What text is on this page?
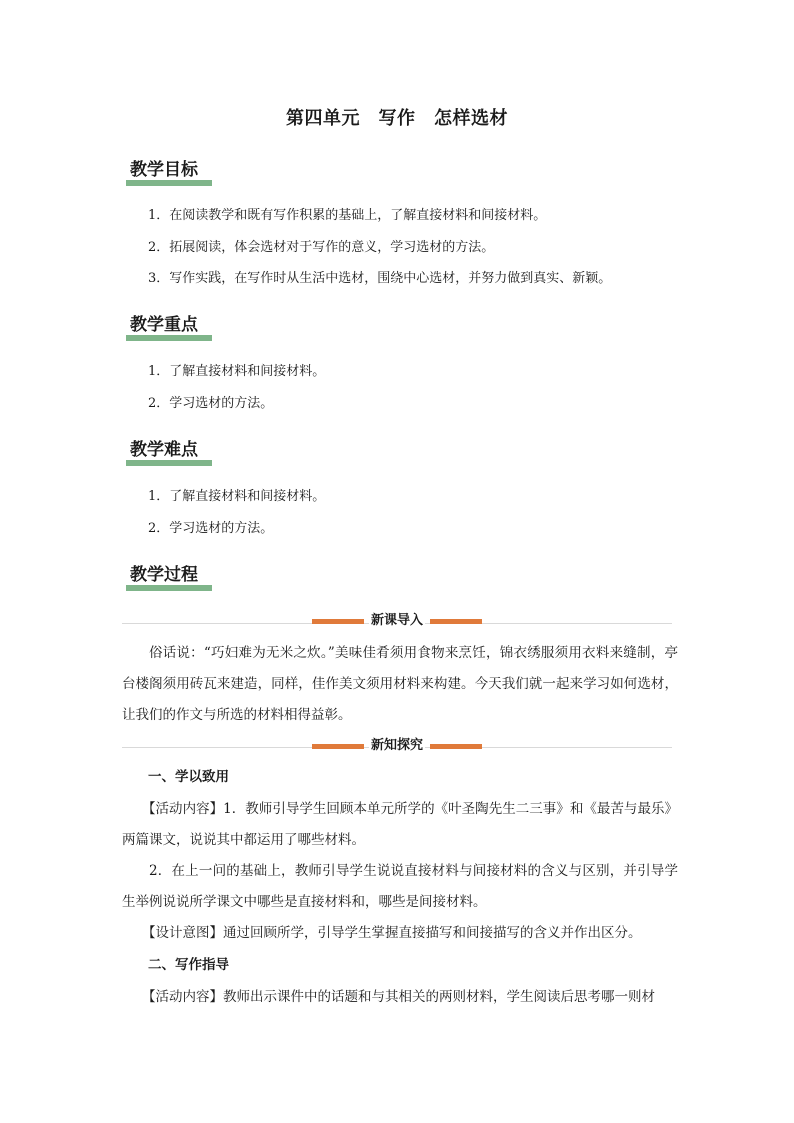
第四单元　写作　怎样选材
教学目标
1．在阅读教学和既有写作积累的基础上，了解直接材料和间接材料。
2．拓展阅读，体会选材对于写作的意义，学习选材的方法。
3．写作实践，在写作时从生活中选材，围绕中心选材，并努力做到真实、新颖。
教学重点
1．了解直接材料和间接材料。
2．学习选材的方法。
教学难点
1．了解直接材料和间接材料。
2．学习选材的方法。
教学过程
新课导入
俗话说：“巧妇难为无米之炊。”美味佳肴须用食物来烹饪，锦衣绣服须用衣料来缝制，亭台楼阁须用砖瓦来建造，同样，佳作美文须用材料来构建。今天我们就一起来学习如何选材，让我们的作文与所选的材料相得益彰。
新知探究
一、学以致用
【活动内容】1．教师引导学生回顾本单元所学的《叶圣陶先生二三事》和《最苦与最乐》两篇课文，说说其中都运用了哪些材料。
2．在上一问的基础上，教师引导学生说说直接材料与间接材料的含义与区别，并引导学生举例说说所学课文中哪些是直接材料和，哪些是间接材料。
【设计意图】通过回顾所学，引导学生掌握直接描写和间接描写的含义并作出区分。
二、写作指导
【活动内容】教师出示课件中的话题和与其相关的两则材料，学生阅读后思考哪一则材
